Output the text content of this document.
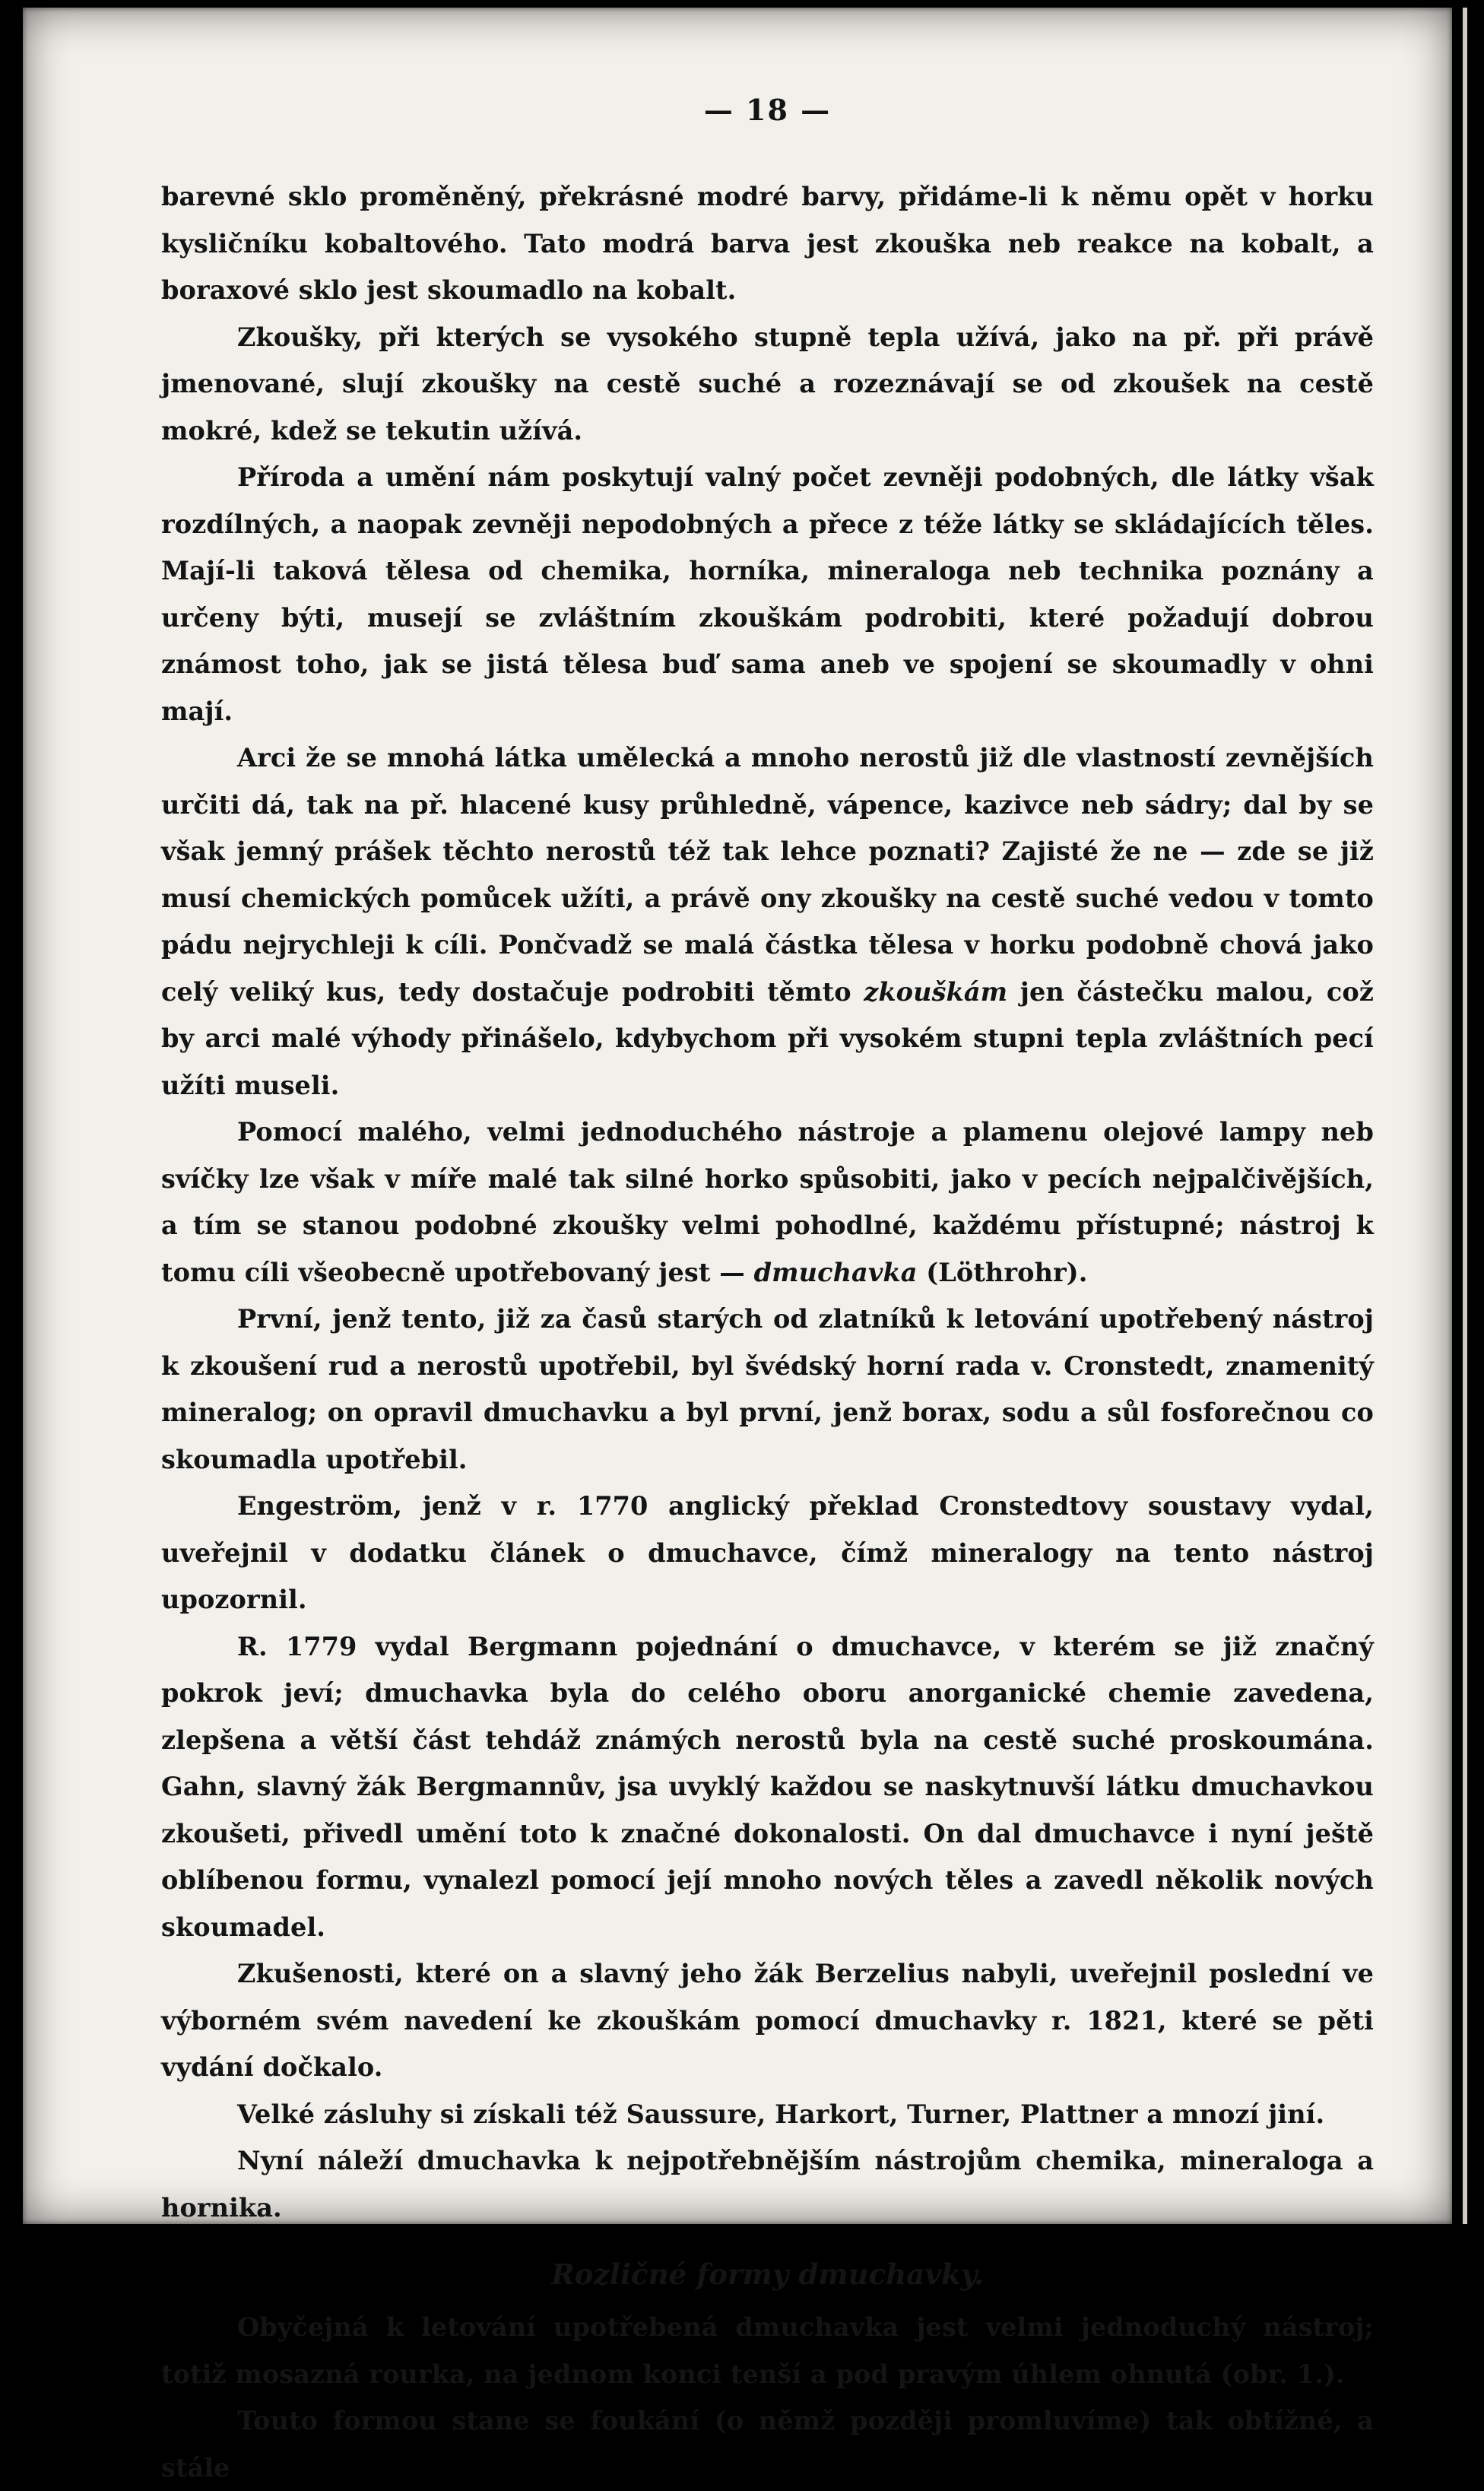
— 18 —

barevné sklo proměněný, překrásné modré barvy, přidáme-li k němu opět v horku kysličníku kobaltového. Tato modrá barva jest zkouška neb reakce na kobalt, a boraxové sklo jest skoumadlo na kobalt.

Zkoušky, při kterých se vysokého stupně tepla užívá, jako na př. při právě jmenované, slují zkoušky na cestě suché a rozeznávají se od zkoušek na cestě mokré, kdež se tekutin užívá.

Příroda a umění nám poskytují valný počet zevněji podobných, dle látky však rozdílných, a naopak zevněji nepodobných a přece z téže látky se skládajících těles. Mají-li taková tělesa od chemika, horníka, mineraloga neb technika poznány a určeny býti, musejí se zvláštním zkouškám podrobiti, které požadují dobrou známost toho, jak se jistá tělesa buď sama aneb ve spojení se skoumadly v ohni mají.

Arci že se mnohá látka umělecká a mnoho nerostů již dle vlastností zevnějších určiti dá, tak na př. hlacené kusy průhledně, vápence, kazivce neb sádry; dal by se však jemný prášek těchto nerostů též tak lehce poznati? Zajisté že ne — zde se již musí chemických pomůcek užíti, a právě ony zkoušky na cestě suché vedou v tomto pádu nejrychleji k cíli. Pončvadž se malá částka tělesa v horku podobně chová jako celý veliký kus, tedy dostačuje podrobiti těmto zkouškám jen částečku malou, což by arci malé výhody přinášelo, kdybychom při vysokém stupni tepla zvláštních pecí užíti museli.

Pomocí malého, velmi jednoduchého nástroje a plamenu olejové lampy neb svíčky lze však v míře malé tak silné horko spůsobiti, jako v pecích nejpalčivějších, a tím se stanou podobné zkoušky velmi pohodlné, každému přístupné; nástroj k tomu cíli všeobecně upotřebovaný jest — dmuchavka (Löthrohr).

První, jenž tento, již za časů starých od zlatníků k letování upotřebený nástroj k zkoušení rud a nerostů upotřebil, byl švédský horní rada v. Cronstedt, znamenitý mineralog; on opravil dmuchavku a byl první, jenž borax, sodu a sůl fosforečnou co skoumadla upotřebil.

Engeström, jenž v r. 1770 anglický překlad Cronstedtovy soustavy vydal, uveřejnil v dodatku článek o dmuchavce, čímž mineralogy na tento nástroj upozornil.

R. 1779 vydal Bergmann pojednání o dmuchavce, v kterém se již značný pokrok jeví; dmuchavka byla do celého oboru anorganické chemie zavedena, zlepšena a větší část tehdáž známých nerostů byla na cestě suché proskoumána. Gahn, slavný žák Bergmannův, jsa uvyklý každou se naskytnuvší látku dmuchavkou zkoušeti, přivedl umění toto k značné dokonalosti. On dal dmuchavce i nyní ještě oblíbenou formu, vynalezl pomocí její mnoho nových těles a zavedl několik nových skoumadel.

Zkušenosti, které on a slavný jeho žák Berzelius nabyli, uveřejnil poslední ve výborném svém navedení ke zkouškám pomocí dmuchavky r. 1821, které se pěti vydání dočkalo.

Velké zásluhy si získali též Saussure, Harkort, Turner, Plattner a mnozí jiní.

Nyní náleží dmuchavka k nejpotřebnějším nástrojům chemika, mineraloga a hornika.

Rozličné formy dmuchavky.

Obyčejná k letování upotřebená dmuchavka jest velmi jednoduchý nástroj; totiž mosazná rourka, na jednom konci tenší a pod pravým úhlem ohnutá (obr. 1.).

Touto formou stane se foukání (o němž později promluvíme) tak obtížné, a stále
